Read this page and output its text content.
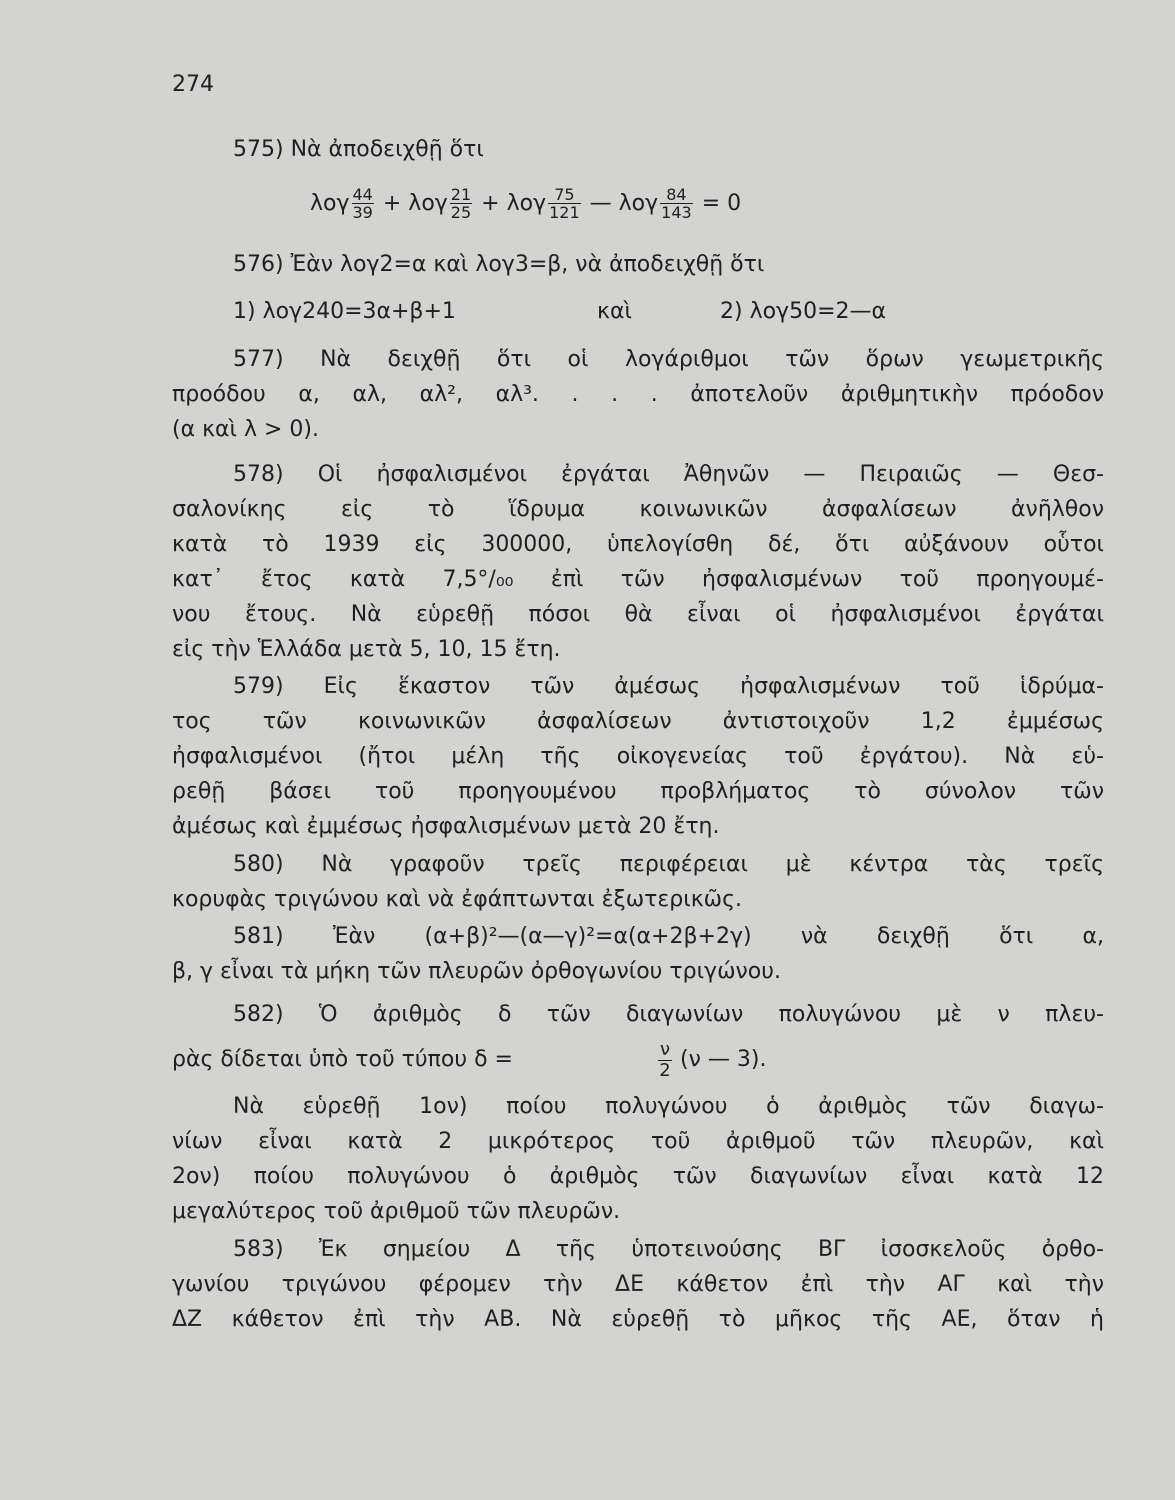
274
575) Νὰ ἀποδειχθῇ ὅτι
λογ $\frac{44}{39} + \lambda o\gamma \frac{21}{25} + \lambda o\gamma \frac{75}{121}$ — λογ $\frac{84}{143} = 0$
576) Ἐὰν λογ2=α καὶ λογ3=β, νὰ ἀποδειχθῇ ὅτι
1) λογ240=3α+β+1	καὶ	2) λογ50=2—α
577) Νὰ δειχθῇ ὅτι οἱ λογάριθμοι τῶν ὅρων γεωμετρικῆς
προόδου α, αλ, αλ², αλ³. . . . ἀποτελοῦν ἀριθμητικὴν πρόοδον
(α καὶ λ > 0).
578) Οἱ ἠσφαλισμένοι ἐργάται Ἀθηνῶν — Πειραιῶς — Θεσ-
σαλονίκης εἰς τὸ ἵδρυμα κοινωνικῶν ἀσφαλίσεων ἀνῆλθον
κατὰ τὸ 1939 εἰς 300000, ὑπελογίσθη δέ, ὅτι αὐξάνουν οὗτοι
κατ᾽ ἔτος κατὰ 7,5°/₀₀ ἐπὶ τῶν ἠσφαλισμένων τοῦ προηγουμέ-
νου ἔτους. Νὰ εὑρεθῇ πόσοι θὰ εἶναι οἱ ἠσφαλισμένοι ἐργάται
εἰς τὴν Ἑλλάδα μετὰ 5, 10, 15 ἔτη.
579) Εἰς ἕκαστον τῶν ἀμέσως ἠσφαλισμένων τοῦ ἱδρύμα-
τος τῶν κοινωνικῶν ἀσφαλίσεων ἀντιστοιχοῦν 1,2 ἐμμέσως
ἠσφαλισμένοι (ἤτοι μέλη τῆς οἰκογενείας τοῦ ἐργάτου). Νὰ εὑ-
ρεθῇ βάσει τοῦ προηγουμένου προβλήματος τὸ σύνολον τῶν
ἀμέσως καὶ ἐμμέσως ἠσφαλισμένων μετὰ 20 ἔτη.
580) Νὰ γραφοῦν τρεῖς περιφέρειαι μὲ κέντρα τὰς τρεῖς
κορυφὰς τριγώνου καὶ νὰ ἐφάπτωνται ἐξωτερικῶς.
581) Ἐὰν (α+β)²—(α—γ)²=α(α+2β+2γ) νὰ δειχθῇ ὅτι α,
β, γ εἶναι τὰ μήκη τῶν πλευρῶν ὀρθογωνίου τριγώνου.
582) Ὁ ἀριθμὸς δ τῶν διαγωνίων πολυγώνου μὲ ν πλευ-
ρὰς δίδεται ὑπὸ τοῦ τύπου δ =	ν
2 (ν — 3).
Νὰ εὑρεθῇ 1ον) ποίου πολυγώνου ὁ ἀριθμὸς τῶν διαγω-
νίων εἶναι κατὰ 2 μικρότερος τοῦ ἀριθμοῦ τῶν πλευρῶν, καὶ
2ον) ποίου πολυγώνου ὁ ἀριθμὸς τῶν διαγωνίων εἶναι κατὰ 12
μεγαλύτερος τοῦ ἀριθμοῦ τῶν πλευρῶν.
583) Ἐκ σημείου Δ τῆς ὑποτεινούσης ΒΓ ἰσοσκελοῦς ὀρθο-
γωνίου τριγώνου φέρομεν τὴν ΔΕ κάθετον ἐπὶ τὴν ΑΓ καὶ τὴν
ΔΖ κάθετον ἐπὶ τὴν ΑΒ. Νὰ εὑρεθῇ τὸ μῆκος τῆς ΑΕ, ὅταν ἡ
